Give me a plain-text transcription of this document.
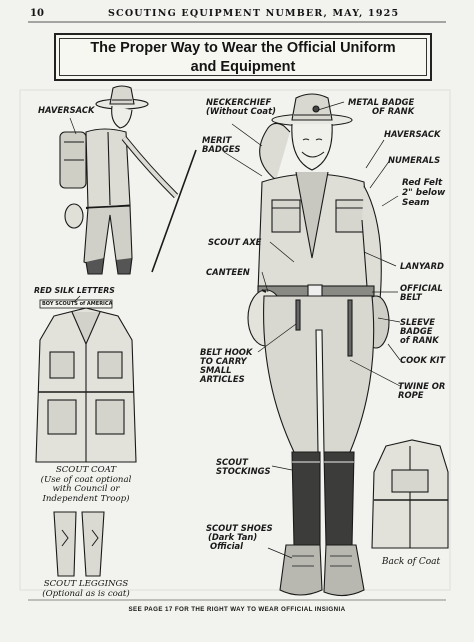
10	SCOUTING EQUIPMENT NUMBER, MAY, 1925
The Proper Way to Wear the Official Uniform
and Equipment
HAVERSACK
NECKERCHIEF
(Without Coat)
METAL BADGE
OF RANK
MERIT
BADGES
HAVERSACK
NUMERALS
Red Felt
2" below
Seam
SCOUT AXE
LANYARD
CANTEEN
OFFICIAL
BELT
SLEEVE
BADGE
of RANK
BELT HOOK
TO CARRY
SMALL
ARTICLES
COOK KIT
TWINE OR
ROPE
RED SILK LETTERS
BOY SCOUTS of AMERICA
SCOUT
STOCKINGS
SCOUT SHOES
(Dark Tan)
Official
SCOUT COAT
(Use of coat optional
with Council or
Independent Troop)
SCOUT LEGGINGS
(Optional as is coat)
Back of Coat
SEE PAGE 17 FOR THE RIGHT WAY TO WEAR OFFICIAL INSIGNIA
